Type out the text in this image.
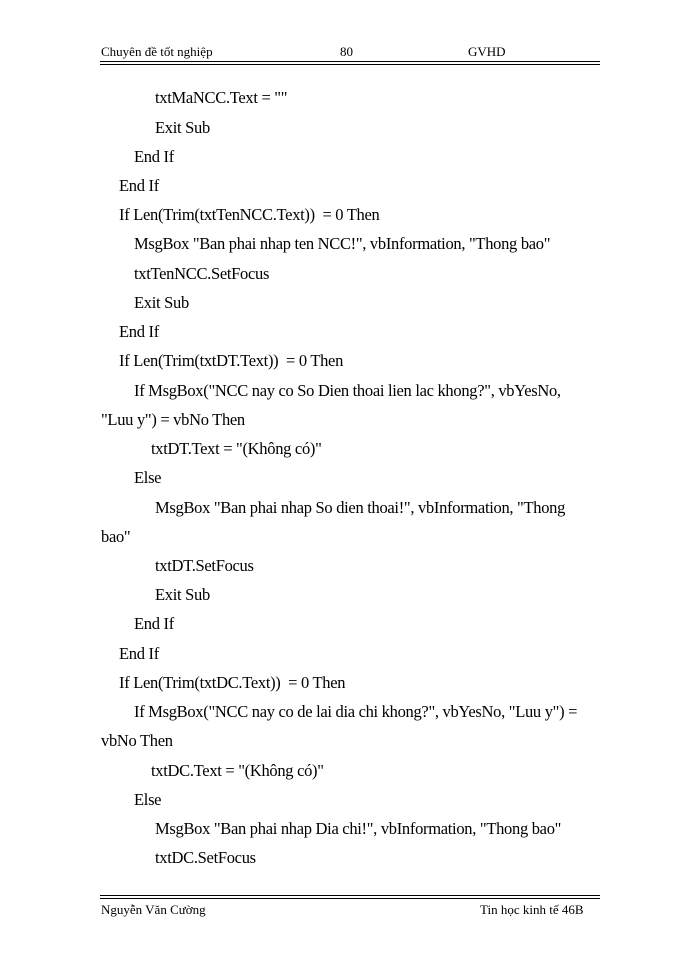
Chuyên đề tốt nghiệp	80	GVHD
txtMaNCC.Text = ""
Exit Sub
End If
End If
If Len(Trim(txtTenNCC.Text))  = 0 Then
MsgBox "Ban phai nhap ten NCC!", vbInformation, "Thong bao"
txtTenNCC.SetFocus
Exit Sub
End If
If Len(Trim(txtDT.Text))  = 0 Then
If MsgBox("NCC nay co So Dien thoai lien lac khong?", vbYesNo,
"Luu y") = vbNo Then
txtDT.Text = "(Không có)"
Else
MsgBox "Ban phai nhap So dien thoai!", vbInformation, "Thong
bao"
txtDT.SetFocus
Exit Sub
End If
End If
If Len(Trim(txtDC.Text))  = 0 Then
If MsgBox("NCC nay co de lai dia chi khong?", vbYesNo, "Luu y") =
vbNo Then
txtDC.Text = "(Không có)"
Else
MsgBox "Ban phai nhap Dia chi!", vbInformation, "Thong bao"
txtDC.SetFocus
Nguyễn Văn Cường	Tin học kinh tế 46B
